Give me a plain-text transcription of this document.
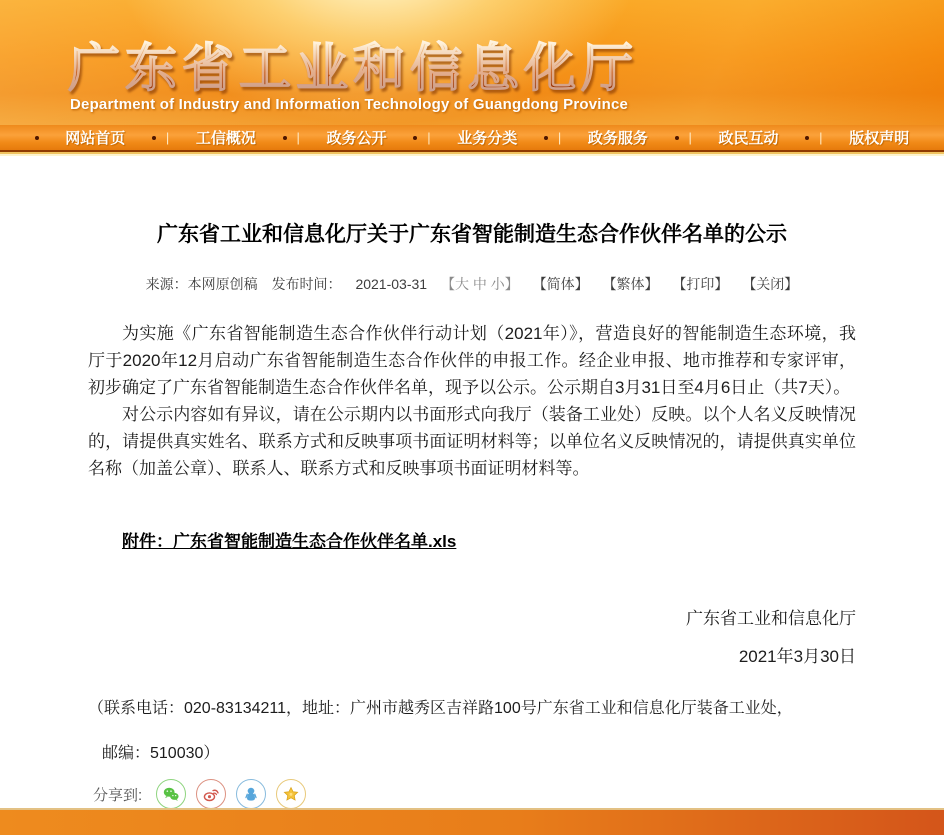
广东省工业和信息化厅
Department of Industry and Information Technology of Guangdong Province
网站首页	| 工信概况	| 政务公开	| 业务分类	| 政务服务	| 政民互动	| 版权声明
广东省工业和信息化厅关于广东省智能制造生态合作伙伴名单的公示
来源：本网原创稿 发布时间： 2021-03-31 【大 中 小】 【简体】 【繁体】 【打印】 【关闭】

为实施《广东省智能制造生态合作伙伴行动计划（2021年）》，营造良好的智能制造生态环境，我厅于2020年12月启动广东省智能制造生态合作伙伴的申报工作。经企业申报、地市推荐和专家评审，初步确定了广东省智能制造生态合作伙伴名单，现予以公示。公示期自3月31日至4月6日止（共7天）。

对公示内容如有异议，请在公示期内以书面形式向我厅（装备工业处）反映。以个人名义反映情况的，请提供真实姓名、联系方式和反映事项书面证明材料等；以单位名义反映情况的，请提供真实单位名称（加盖公章）、联系人、联系方式和反映事项书面证明材料等。

附件：广东省智能制造生态合作伙伴名单.xls
广东省工业和信息化厅
2021年3月30日
（联系电话：020-83134211，地址：广州市越秀区吉祥路100号广东省工业和信息化厅装备工业处，
邮编：510030）
分享到:
